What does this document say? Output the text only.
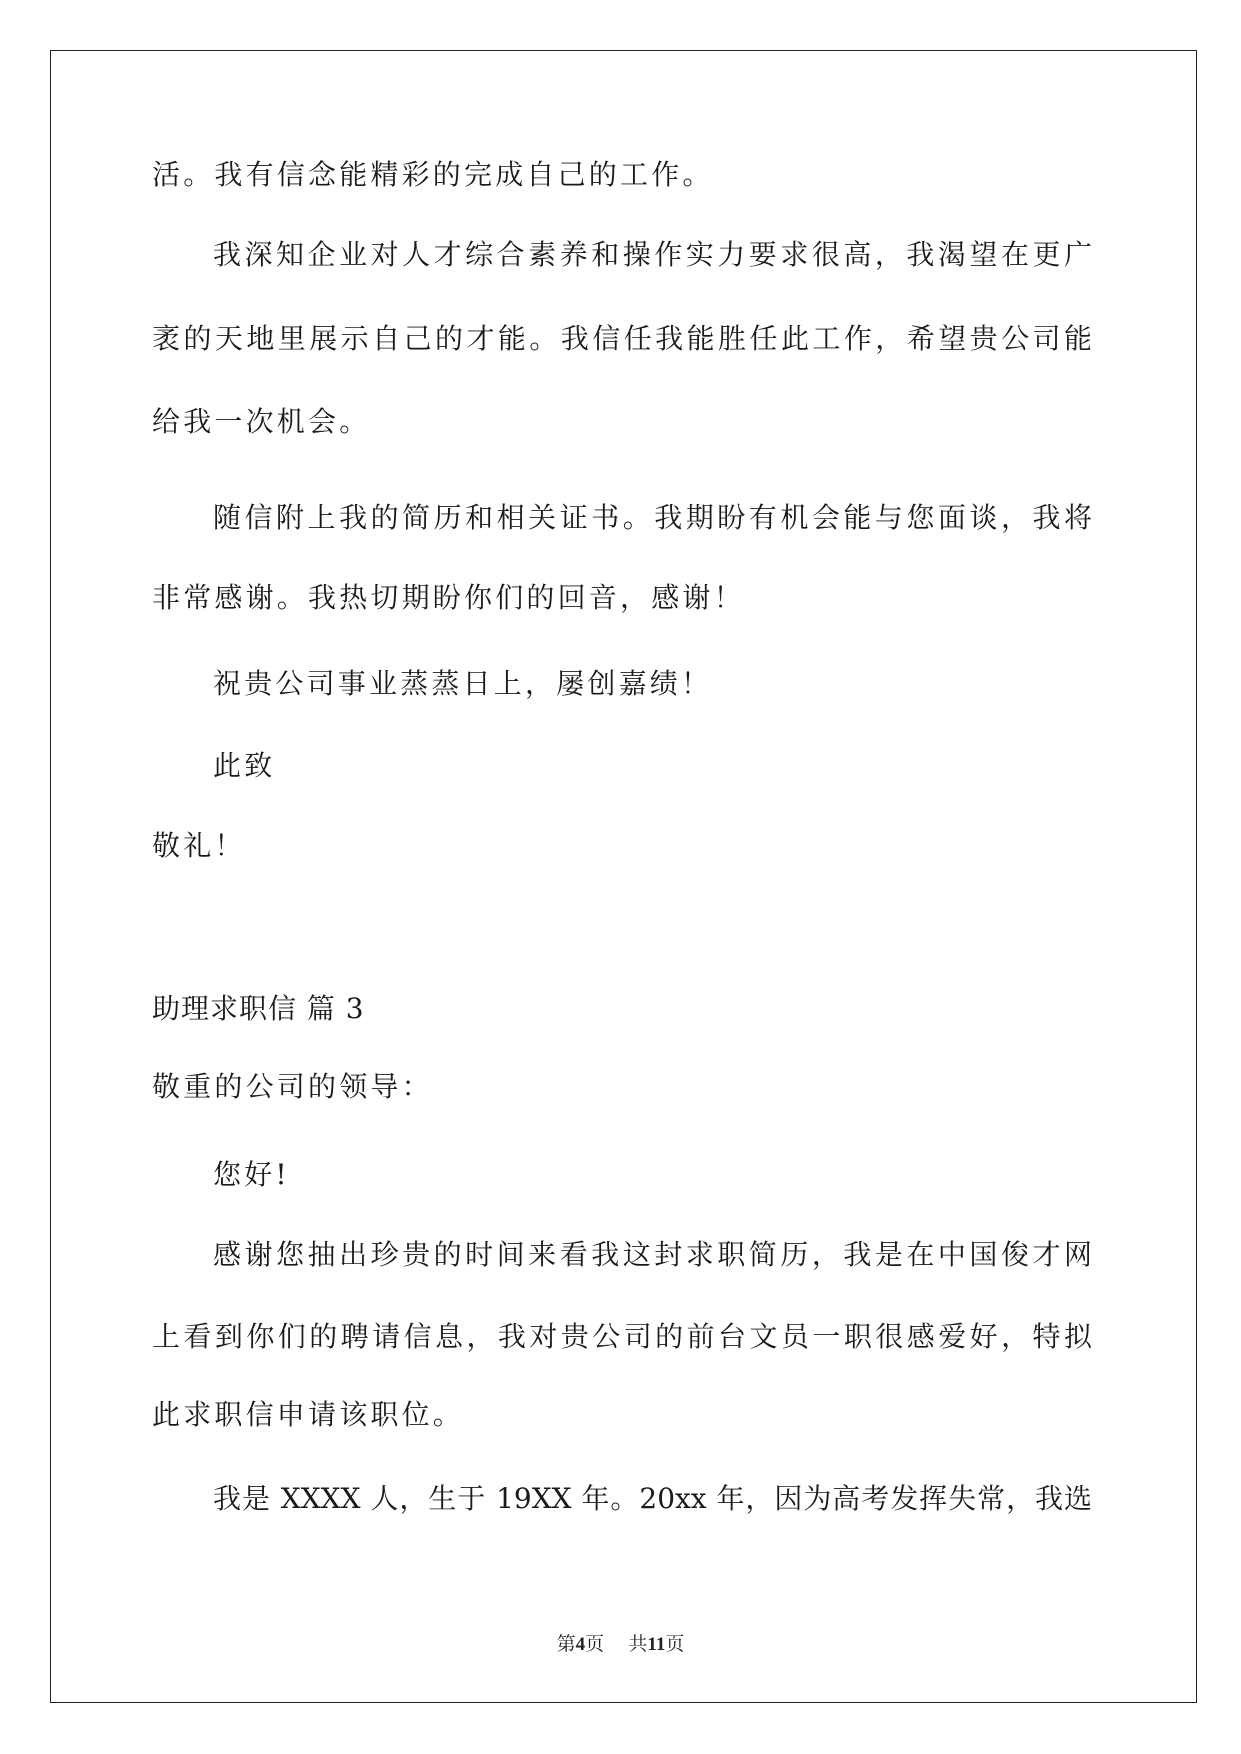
活。我有信念能精彩的完成自己的工作。
我深知企业对人才综合素养和操作实力要求很高，我渴望在更广
袤的天地里展示自己的才能。我信任我能胜任此工作，希望贵公司能
给我一次机会。
随信附上我的简历和相关证书。我期盼有机会能与您面谈，我将
非常感谢。我热切期盼你们的回音，感谢！
祝贵公司事业蒸蒸日上，屡创嘉绩！
此致
敬礼！
助理求职信 篇 3
敬重的公司的领导：
您好!
感谢您抽出珍贵的时间来看我这封求职简历，我是在中国俊才网
上看到你们的聘请信息，我对贵公司的前台文员一职很感爱好，特拟
此求职信申请该职位。
我是 XXXX 人，生于 19XX 年。20xx 年，因为高考发挥失常，我选
第4页 共11页
